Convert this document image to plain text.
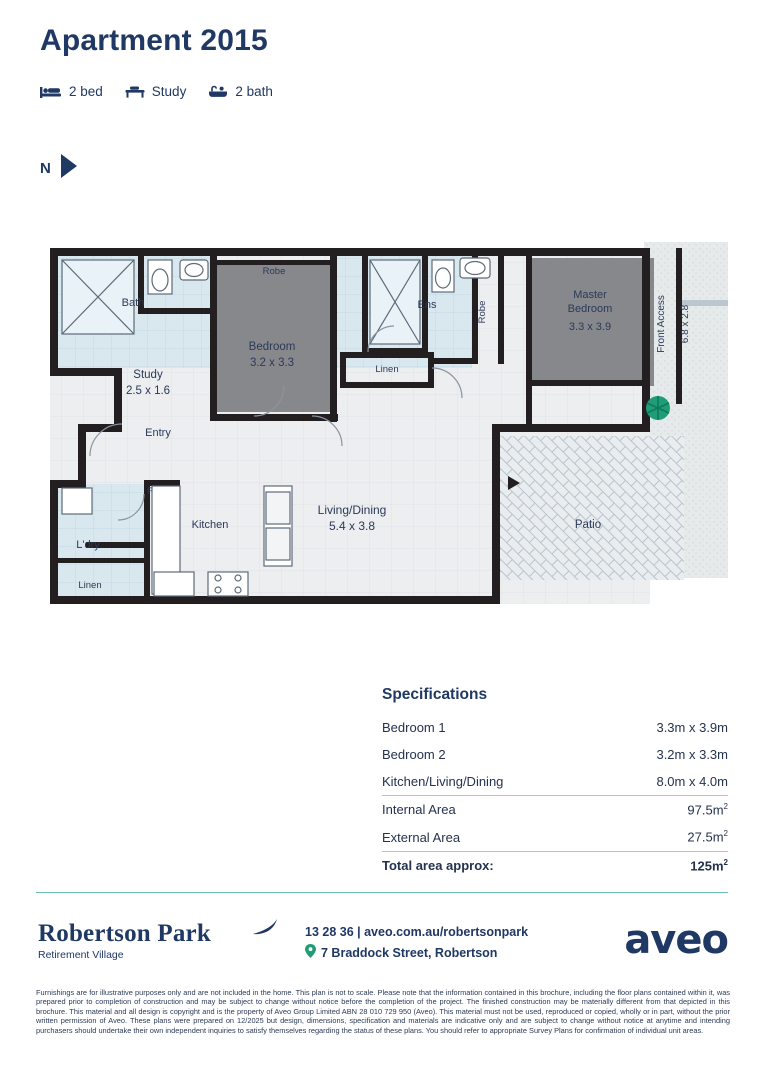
Apartment 2015
2 bed	Study	2 bath
N
Bath
Robe
Ens	Robe
Master
Bedroom
3.3 x 3.9	Front Access 6.8 x 2.8
Bedroom
3.2 x 3.3
Linen
Study
2.5 x 1.6
Entry
Living/Dining
5.4 x 3.8	Patio
Kitchen
L'dry
Linen
F
Specifications
Bedroom 1	3.3m x 3.9m
Bedroom 2	3.2m x 3.3m
Kitchen/Living/Dining	8.0m x 4.0m
Internal Area	$97.5m^2$
External Area	$27.5m^2$
Total area approx:	$125m^2$
Robertson Park
Retirement Village
13 28 36 | aveo.com.au/robertsonpark
7 Braddock Street, Robertson	aveo
Furnishings are for illustrative purposes only and are not included in the home. This plan is not to scale. Please note that the information contained in this brochure, including the floor plans contained within it, was prepared prior to completion of construction and may be subject to change without notice before the completion of the project. The finished construction may be materially different from that depicted in this brochure. This material and all design is copyright and is the property of Aveo Group Limited ABN 28 010 729 950 (Aveo). This material must not be used, reproduced or copied, wholly or in part, without the prior written permission of Aveo. These plans were prepared on 12/2025 but design, dimensions, specification and materials are indicative only and are subject to change without notice at anytime and intending purchasers should undertake their own independent inquiries to satisfy themselves regarding the status of these plans. You should refer to appropriate Survey Plans for confirmation of individual unit areas.
